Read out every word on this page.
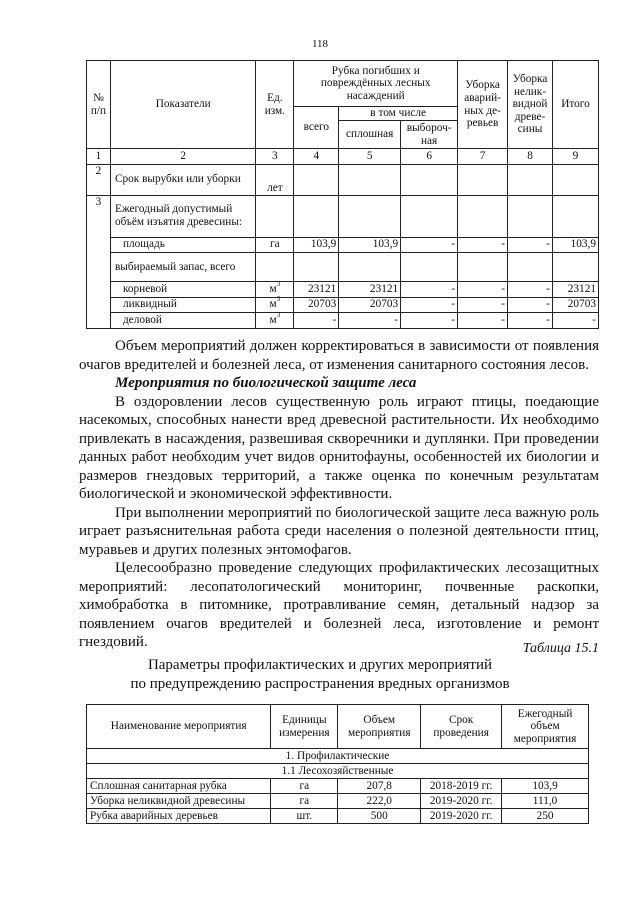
118
№ п/п	Показатели	Ед. изм.	Рубка погибших и повреждённых лесных насаждений			Уборка аварий-ных де-ревьев	Уборка нелик-видной древе-сины	Итого
			всего	в том числе				
				сплошная	выбороч-ная			
1	2	3	4	5	6	7	8	9
2	Срок вырубки или уборки	лет						
3	Ежегодный допустимый объём изъятия древесины:							
	площадь	га	103,9	103,9	-	-	-	103,9
	выбираемый запас, всего							
	корневой	$м^3$	23121	23121	-	-	-	23121
	ликвидный	$м^3$	20703	20703	-	-	-	20703
	деловой	$м^3$	-	-	-	-	-	-

Объем мероприятий должен корректироваться в зависимости от появления очагов вредителей и болезней леса, от изменения санитарного состояния лесов.

Мероприятия по биологической защите леса

В оздоровлении лесов существенную роль играют птицы, поедающие насекомых, способных нанести вред древесной растительности. Их необходимо привлекать в насаждения, развешивая скворечники и дуплянки. При проведении данных работ необходим учет видов орнитофауны, особенностей их биологии и размеров гнездовых территорий, а также оценка по конечным результатам биологической и экономической эффективности.

При выполнении мероприятий по биологической защите леса важную роль играет разъяснительная работа среди населения о полезной деятельности птиц, муравьев и других полезных энтомофагов.

Целесообразно проведение следующих профилактических лесозащитных мероприятий: лесопатологический мониторинг, почвенные раскопки, химобработка в питомнике, протравливание семян, детальный надзор за появлением очагов вредителей и болезней леса, изготовление и ремонт гнездовий.	Таблица 15.1
Параметры профилактических и других мероприятий
по предупреждению распространения вредных организмов
Наименование мероприятия	Единицы измерения	Объем мероприятия	Срок проведения	Ежегодный объем мероприятия
1. Профилактические				
1.1 Лесохозяйственные				
Сплошная санитарная рубка	га	207,8	2018-2019 гг.	103,9
Уборка неликвидной древесины	га	222,0	2019-2020 гг.	111,0
Рубка аварийных деревьев	шт.	500	2019-2020 гг.	250
